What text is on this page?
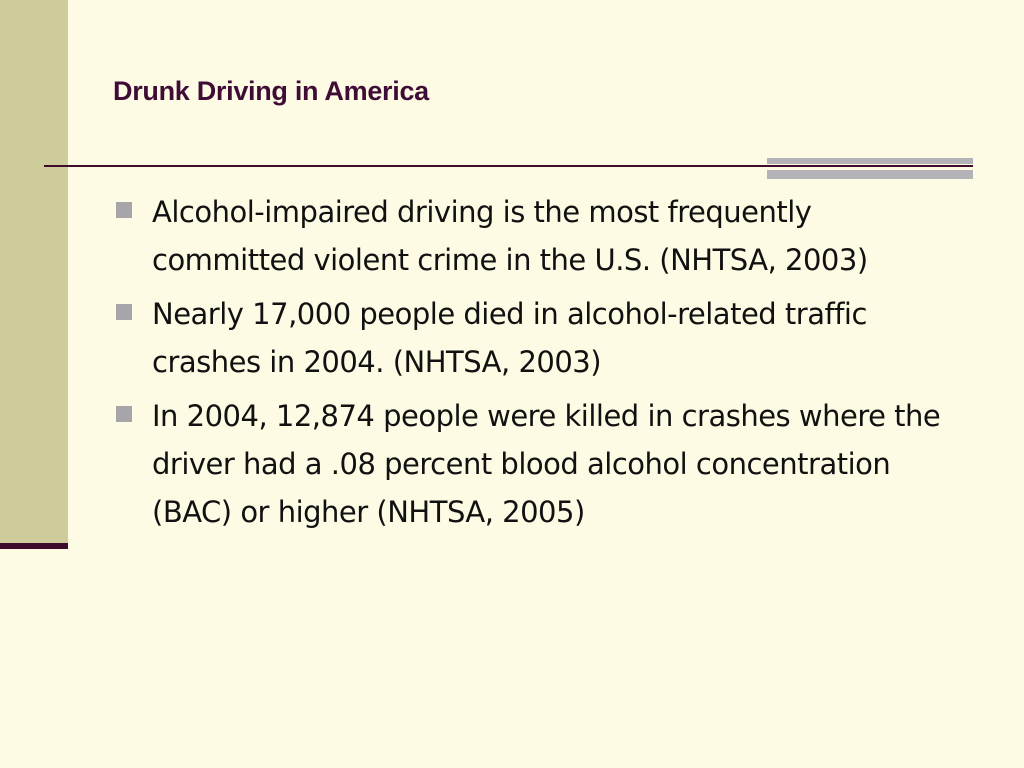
Drunk Driving in America
Alcohol-impaired driving is the most frequently committed violent crime in the U.S. (NHTSA, 2003)
Nearly 17,000 people died in alcohol-related traffic crashes in 2004. (NHTSA, 2003)
In 2004, 12,874 people were killed in crashes where the driver had a .08 percent blood alcohol concentration (BAC) or higher (NHTSA, 2005)
